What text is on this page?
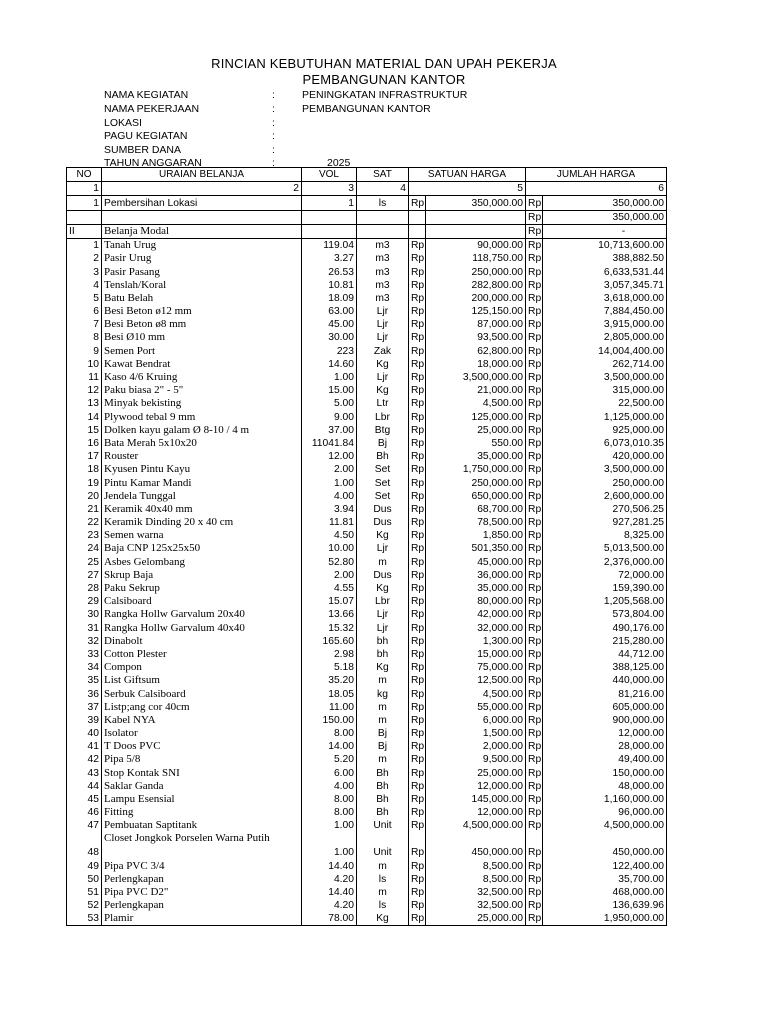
RINCIAN KEBUTUHAN MATERIAL DAN UPAH PEKERJA
PEMBANGUNAN KANTOR
NAMA KEGIATAN	:	PENINGKATAN INFRASTRUKTUR
NAMA PEKERJAAN	:	PEMBANGUNAN KANTOR
LOKASI	:
PAGU KEGIATAN	:
SUMBER DANA	:
TAHUN ANGGARAN	:	2025
NO	URAIAN BELANJA	VOL	SAT	SATUAN HARGA		JUMLAH HARGA	
1	2	3	4	5		6	
1	Pembersihan Lokasi	1	ls	Rp	350,000.00	Rp	350,000.00
						Rp	350,000.00
II	Belanja Modal					Rp	-
1	Tanah Urug	119.04	m3	Rp	90,000.00	Rp	10,713,600.00
2	Pasir Urug	3.27	m3	Rp	118,750.00	Rp	388,882.50
3	Pasir Pasang	26.53	m3	Rp	250,000.00	Rp	6,633,531.44
4	Tenslah/Koral	10.81	m3	Rp	282,800.00	Rp	3,057,345.71
5	Batu Belah	18.09	m3	Rp	200,000.00	Rp	3,618,000.00
6	Besi Beton ø12 mm	63.00	Ljr	Rp	125,150.00	Rp	7,884,450.00
7	Besi Beton ø8 mm	45.00	Ljr	Rp	87,000.00	Rp	3,915,000.00
8	Besi Ø10 mm	30.00	Ljr	Rp	93,500.00	Rp	2,805,000.00
9	Semen Port	223	Zak	Rp	62,800.00	Rp	14,004,400.00
10	Kawat Bendrat	14.60	Kg	Rp	18,000.00	Rp	262,714.00
11	Kaso 4/6 Kruing	1.00	Ljr	Rp	3,500,000.00	Rp	3,500,000.00
12	Paku biasa 2" - 5"	15.00	Kg	Rp	21,000.00	Rp	315,000.00
13	Minyak bekisting	5.00	Ltr	Rp	4,500.00	Rp	22,500.00
14	Plywood tebal 9 mm	9.00	Lbr	Rp	125,000.00	Rp	1,125,000.00
15	Dolken kayu galam Ø 8-10 / 4 m	37.00	Btg	Rp	25,000.00	Rp	925,000.00
16	Bata Merah 5x10x20	11041.84	Bj	Rp	550.00	Rp	6,073,010.35
17	Rouster	12.00	Bh	Rp	35,000.00	Rp	420,000.00
18	Kyusen Pintu Kayu	2.00	Set	Rp	1,750,000.00	Rp	3,500,000.00
19	Pintu Kamar Mandi	1.00	Set	Rp	250,000.00	Rp	250,000.00
20	Jendela Tunggal	4.00	Set	Rp	650,000.00	Rp	2,600,000.00
21	Keramik 40x40 mm	3.94	Dus	Rp	68,700.00	Rp	270,506.25
22	Keramik Dinding 20 x 40 cm	11.81	Dus	Rp	78,500.00	Rp	927,281.25
23	Semen warna	4.50	Kg	Rp	1,850.00	Rp	8,325.00
24	Baja CNP 125x25x50	10.00	Ljr	Rp	501,350.00	Rp	5,013,500.00
25	Asbes Gelombang	52.80	m	Rp	45,000.00	Rp	2,376,000.00
27	Skrup Baja	2.00	Dus	Rp	36,000.00	Rp	72,000.00
28	Paku Sekrup	4.55	Kg	Rp	35,000.00	Rp	159,390.00
29	Calsiboard	15.07	Lbr	Rp	80,000.00	Rp	1,205,568.00
30	Rangka Hollw Garvalum 20x40	13.66	Ljr	Rp	42,000.00	Rp	573,804.00
31	Rangka Hollw Garvalum 40x40	15.32	Ljr	Rp	32,000.00	Rp	490,176.00
32	Dinabolt	165.60	bh	Rp	1,300.00	Rp	215,280.00
33	Cotton Plester	2.98	bh	Rp	15,000.00	Rp	44,712.00
34	Compon	5.18	Kg	Rp	75,000.00	Rp	388,125.00
35	List Giftsum	35.20	m	Rp	12,500.00	Rp	440,000.00
36	Serbuk Calsiboard	18.05	kg	Rp	4,500.00	Rp	81,216.00
37	Listp;ang cor 40cm	11.00	m	Rp	55,000.00	Rp	605,000.00
39	Kabel NYA	150.00	m	Rp	6,000.00	Rp	900,000.00
40	Isolator	8.00	Bj	Rp	1,500.00	Rp	12,000.00
41	T Doos PVC	14.00	Bj	Rp	2,000.00	Rp	28,000.00
42	Pipa 5/8	5.20	m	Rp	9,500.00	Rp	49,400.00
43	Stop Kontak SNI	6.00	Bh	Rp	25,000.00	Rp	150,000.00
44	Saklar Ganda	4.00	Bh	Rp	12,000.00	Rp	48,000.00
45	Lampu Esensial	8.00	Bh	Rp	145,000.00	Rp	1,160,000.00
46	Fitting	8.00	Bh	Rp	12,000.00	Rp	96,000.00
47	Pembuatan Saptitank	1.00	Unit	Rp	4,500,000.00	Rp	4,500,000.00
48	Closet Jongkok Porselen Warna Putih	1.00	Unit	Rp	450,000.00	Rp	450,000.00
49	Pipa PVC 3/4	14.40	m	Rp	8,500.00	Rp	122,400.00
50	Perlengkapan	4.20	ls	Rp	8,500.00	Rp	35,700.00
51	Pipa PVC D2"	14.40	m	Rp	32,500.00	Rp	468,000.00
52	Perlengkapan	4.20	ls	Rp	32,500.00	Rp	136,639.96
53	Plamir	78.00	Kg	Rp	25,000.00	Rp	1,950,000.00
